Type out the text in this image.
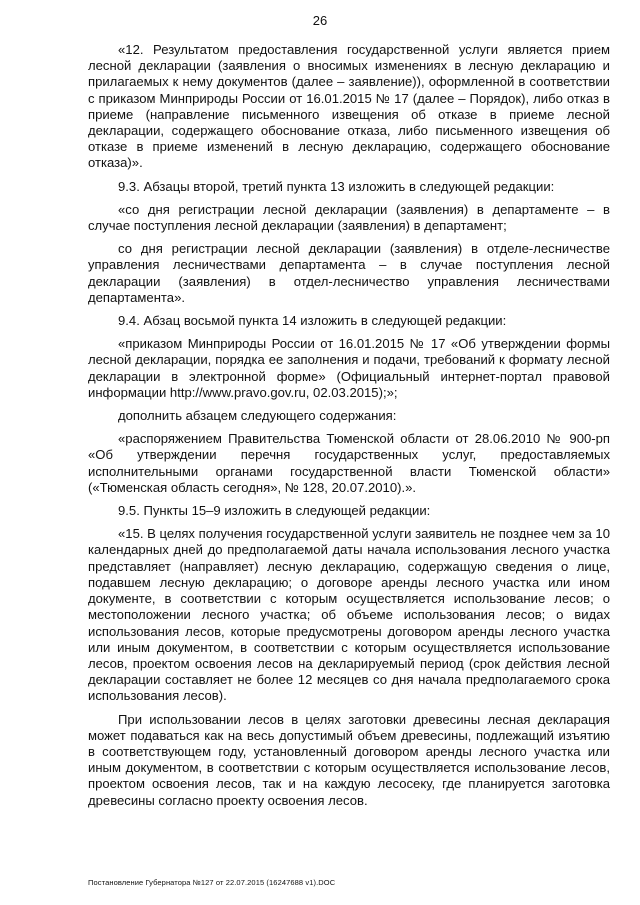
26

«12. Результатом предоставления государственной услуги является прием лесной декларации (заявления о вносимых изменениях в лесную декларацию и прилагаемых к нему документов (далее – заявление)), оформленной в соответствии с приказом Минприроды России от 16.01.2015 № 17 (далее – Порядок), либо отказ в приеме (направление письменного извещения об отказе в приеме лесной декларации, содержащего обоснование отказа, либо письменного извещения об отказе в приеме изменений в лесную декларацию, содержащего обоснование отказа)».

9.3. Абзацы второй, третий пункта 13 изложить в следующей редакции:

«со дня регистрации лесной декларации (заявления) в департаменте – в случае поступления лесной декларации (заявления) в департамент;

со дня регистрации лесной декларации (заявления) в отделе-лесничестве управления лесничествами департамента – в случае поступления лесной декларации (заявления) в отдел-лесничество управления лесничествами департамента».

9.4. Абзац восьмой пункта 14 изложить в следующей редакции:

«приказом Минприроды России от 16.01.2015 № 17 «Об утверждении формы лесной декларации, порядка ее заполнения и подачи, требований к формату лесной декларации в электронной форме» (Официальный интернет-портал правовой информации http://www.pravo.gov.ru, 02.03.2015);»;

дополнить абзацем следующего содержания:

«распоряжением Правительства Тюменской области от 28.06.2010 № 900-рп «Об утверждении перечня государственных услуг, предоставляемых исполнительными органами государственной власти Тюменской области» («Тюменская область сегодня», № 128, 20.07.2010).».

9.5. Пункты 15–9 изложить в следующей редакции:

«15. В целях получения государственной услуги заявитель не позднее чем за 10 календарных дней до предполагаемой даты начала использования лесного участка представляет (направляет) лесную декларацию, содержащую сведения о лице, подавшем лесную декларацию; о договоре аренды лесного участка или ином документе, в соответствии с которым осуществляется использование лесов; о местоположении лесного участка; об объеме использования лесов; о видах использования лесов, которые предусмотрены договором аренды лесного участка или иным документом, в соответствии с которым осуществляется использование лесов, проектом освоения лесов на декларируемый период (срок действия лесной декларации составляет не более 12 месяцев со дня начала предполагаемого срока использования лесов).

При использовании лесов в целях заготовки древесины лесная декларация может подаваться как на весь допустимый объем древесины, подлежащий изъятию в соответствующем году, установленный договором аренды лесного участка или иным документом, в соответствии с которым осуществляется использование лесов, проектом освоения лесов, так и на каждую лесосеку, где планируется заготовка древесины согласно проекту освоения лесов.

Постановление Губернатора №127 от 22.07.2015 (16247688 v1).DOC
